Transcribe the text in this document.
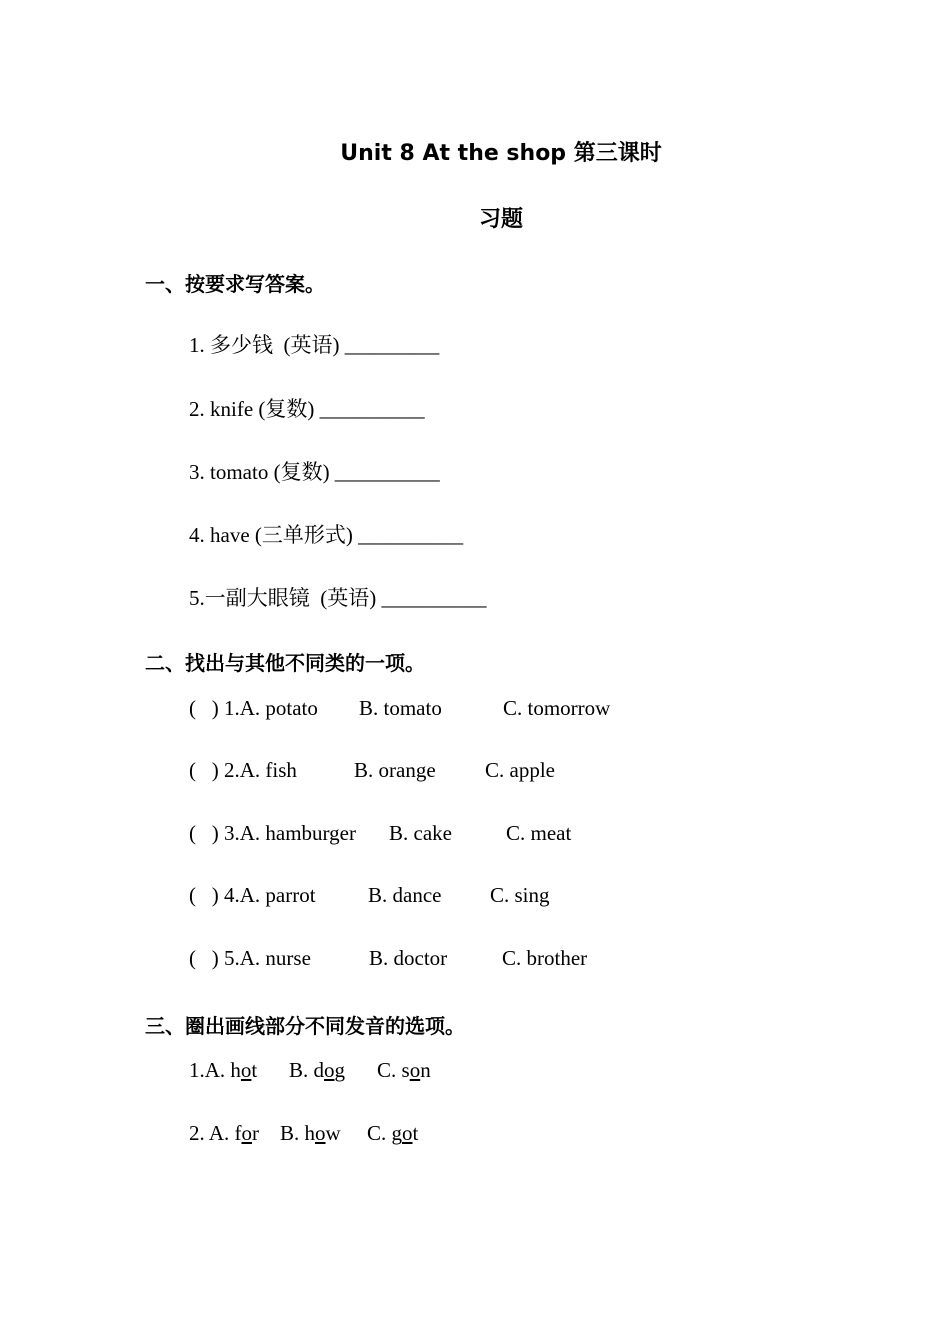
Unit 8 At the shop 第三课时
习题
一、按要求写答案。
1. 多少钱  (英语) _________
2. knife (复数) __________
3. tomato (复数) __________
4. have (三单形式) __________
5.一副大眼镜  (英语) __________
二、找出与其他不同类的一项。
(   ) 1.A. potato B. tomato	C. tomorrow
(   ) 2.A. fish	B. orange C. apple
(   ) 3.A. hamburger B. cake	C. meat
(   ) 4.A. parrot B. dance C. sing
(   ) 5.A. nurse	B. doctor	C. brother
三、圈出画线部分不同发音的选项。
1.A. hot B. dog C. son
2. A. for B. how C. got
